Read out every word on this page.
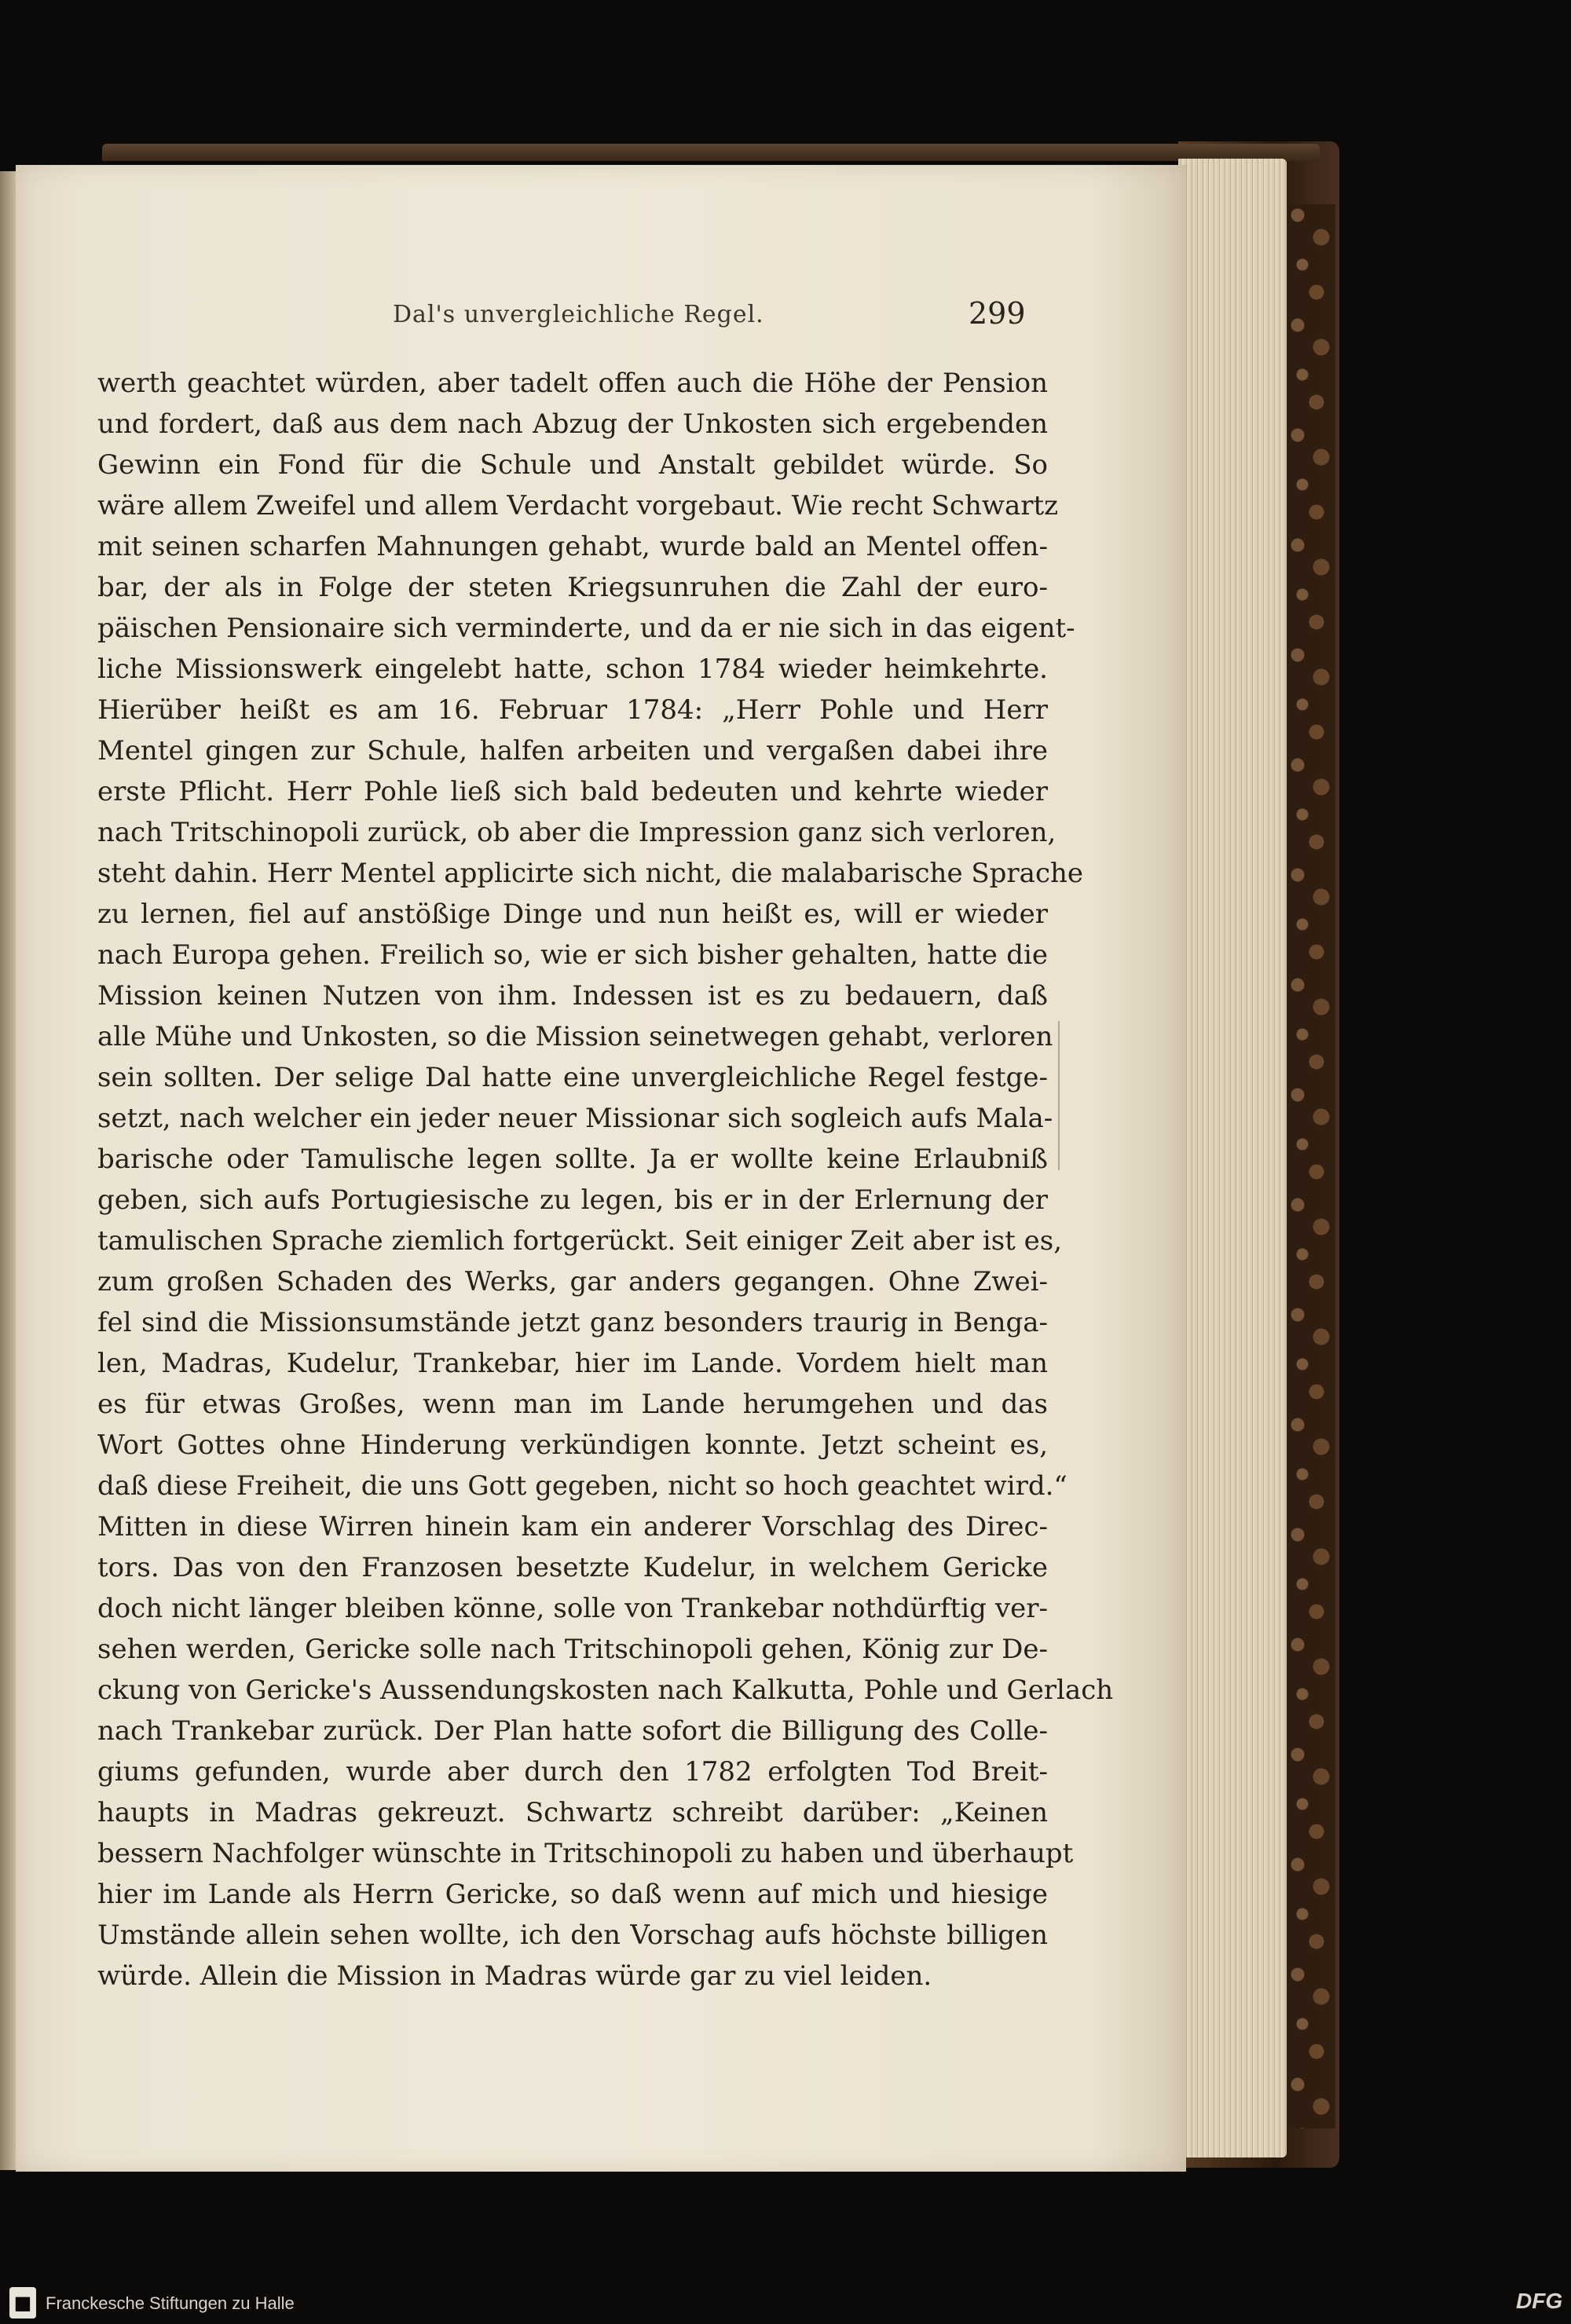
Dal's unvergleichliche Regel.	299
werth geachtet würden, aber tadelt offen auch die Höhe der Pension
und fordert, daß aus dem nach Abzug der Unkosten sich ergebenden
Gewinn ein Fond für die Schule und Anstalt gebildet würde. So
wäre allem Zweifel und allem Verdacht vorgebaut. Wie recht Schwartz
mit seinen scharfen Mahnungen gehabt, wurde bald an Mentel offen-
bar, der als in Folge der steten Kriegsunruhen die Zahl der euro-
päischen Pensionaire sich verminderte, und da er nie sich in das eigent-
liche Missionswerk eingelebt hatte, schon 1784 wieder heimkehrte.
Hierüber heißt es am 16. Februar 1784: „Herr Pohle und Herr
Mentel gingen zur Schule, halfen arbeiten und vergaßen dabei ihre
erste Pflicht. Herr Pohle ließ sich bald bedeuten und kehrte wieder
nach Tritschinopoli zurück, ob aber die Impression ganz sich verloren,
steht dahin. Herr Mentel applicirte sich nicht, die malabarische Sprache
zu lernen, fiel auf anstößige Dinge und nun heißt es, will er wieder
nach Europa gehen. Freilich so, wie er sich bisher gehalten, hatte die
Mission keinen Nutzen von ihm. Indessen ist es zu bedauern, daß
alle Mühe und Unkosten, so die Mission seinetwegen gehabt, verloren
sein sollten. Der selige Dal hatte eine unvergleichliche Regel festge-
setzt, nach welcher ein jeder neuer Missionar sich sogleich aufs Mala-
barische oder Tamulische legen sollte. Ja er wollte keine Erlaubniß
geben, sich aufs Portugiesische zu legen, bis er in der Erlernung der
tamulischen Sprache ziemlich fortgerückt. Seit einiger Zeit aber ist es,
zum großen Schaden des Werks, gar anders gegangen. Ohne Zwei-
fel sind die Missionsumstände jetzt ganz besonders traurig in Benga-
len, Madras, Kudelur, Trankebar, hier im Lande. Vordem hielt man
es für etwas Großes, wenn man im Lande herumgehen und das
Wort Gottes ohne Hinderung verkündigen konnte. Jetzt scheint es,
daß diese Freiheit, die uns Gott gegeben, nicht so hoch geachtet wird.“
Mitten in diese Wirren hinein kam ein anderer Vorschlag des Direc-
tors. Das von den Franzosen besetzte Kudelur, in welchem Gericke
doch nicht länger bleiben könne, solle von Trankebar nothdürftig ver-
sehen werden, Gericke solle nach Tritschinopoli gehen, König zur De-
ckung von Gericke's Aussendungskosten nach Kalkutta, Pohle und Gerlach
nach Trankebar zurück. Der Plan hatte sofort die Billigung des Colle-
giums gefunden, wurde aber durch den 1782 erfolgten Tod Breit-
haupts in Madras gekreuzt. Schwartz schreibt darüber: „Keinen
bessern Nachfolger wünschte in Tritschinopoli zu haben und überhaupt
hier im Lande als Herrn Gericke, so daß wenn auf mich und hiesige
Umstände allein sehen wollte, ich den Vorschag aufs höchste billigen
würde. Allein die Mission in Madras würde gar zu viel leiden.
■ Franckesche Stiftungen zu Halle	DFG
